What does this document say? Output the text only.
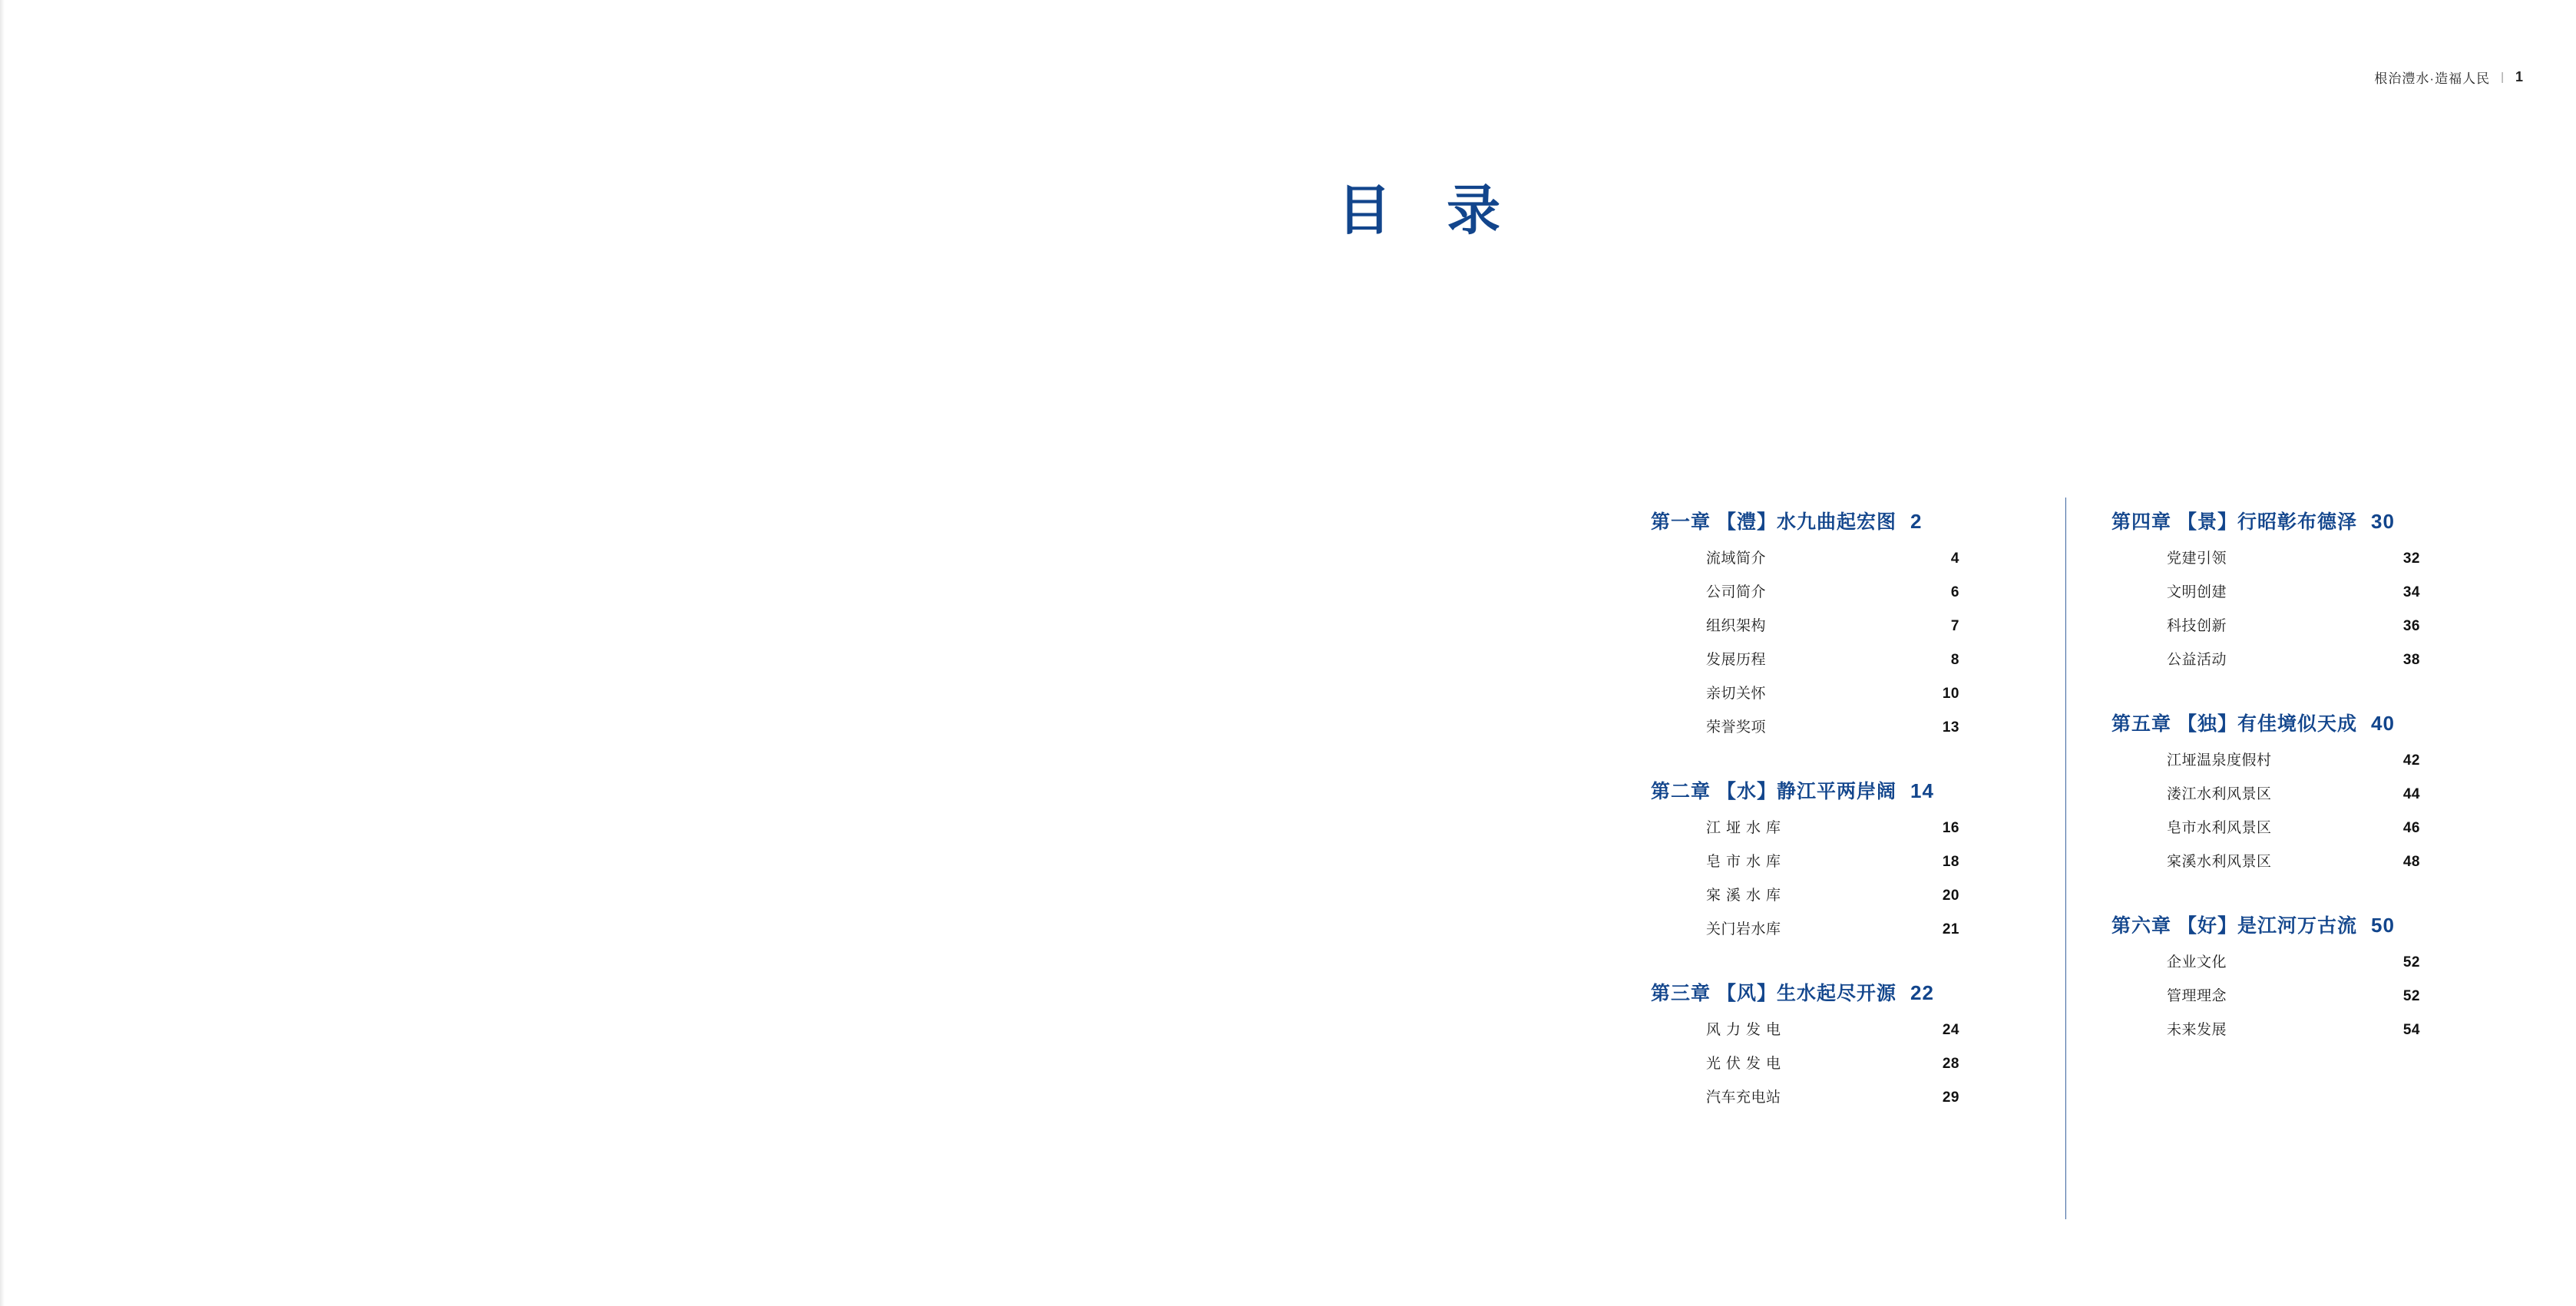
根治澧水·造福人民 | 1
目 录
第一章 【澧】水九曲起宏图 2
流域简介	4
公司简介	6
组织架构	7
发展历程	8
亲切关怀	10
荣誉奖项	13
第二章 【水】静江平两岸阔 14
江垭水库	16
皂市水库	18
宲溪水库	20
关门岩水库	21
第三章 【风】生水起尽开源 22
风力发电	24
光伏发电	28
汽车充电站	29
第四章 【景】行昭彰布德泽 30
党建引领	32
文明创建	34
科技创新	36
公益活动	38
第五章 【独】有佳境似天成 40
江垭温泉度假村	42
溇江水利风景区	44
皂市水利风景区	46
宲溪水利风景区	48
第六章 【好】是江河万古流 50
企业文化	52
管理理念	52
未来发展	54
